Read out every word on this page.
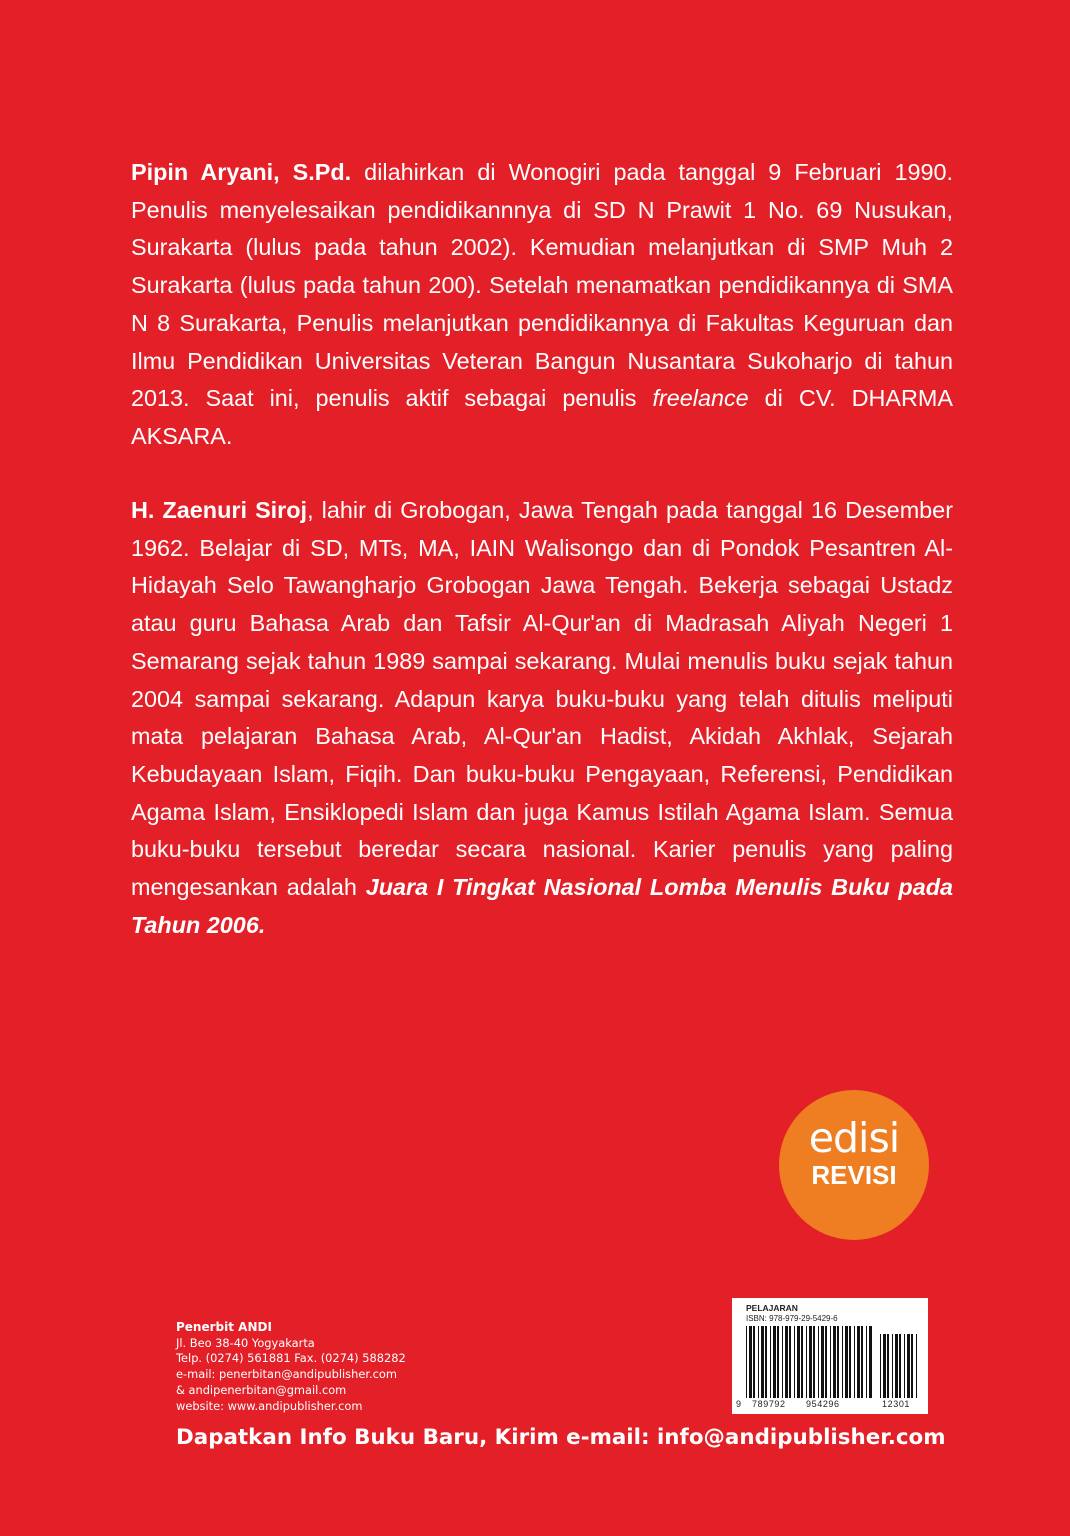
Pipin Aryani, S.Pd. dilahirkan di Wonogiri pada tanggal 9 Februari 1990. Penulis menyelesaikan pendidikannnya di SD N Prawit 1 No. 69 Nusukan, Surakarta (lulus pada tahun 2002). Kemudian melanjutkan di SMP Muh 2 Surakarta (lulus pada tahun 200). Setelah menamatkan pendidikannya di SMA N 8 Surakarta, Penulis melanjutkan pendidikannya di Fakultas Keguruan dan Ilmu Pendidikan Universitas Veteran Bangun Nusantara Sukoharjo di tahun 2013. Saat ini, penulis aktif sebagai penulis freelance di CV. DHARMA AKSARA.

H. Zaenuri Siroj, lahir di Grobogan, Jawa Tengah pada tanggal 16 Desember 1962. Belajar di SD, MTs, MA, IAIN Walisongo dan di Pondok Pesantren Al-Hidayah Selo Tawangharjo Grobogan Jawa Tengah. Bekerja sebagai Ustadz atau guru Bahasa Arab dan Tafsir Al-Qur'an di Madrasah Aliyah Negeri 1 Semarang sejak tahun 1989 sampai sekarang. Mulai menulis buku sejak tahun 2004 sampai sekarang. Adapun karya buku-buku yang telah ditulis meliputi mata pelajaran Bahasa Arab, Al-Qur'an Hadist, Akidah Akhlak, Sejarah Kebudayaan Islam, Fiqih. Dan buku-buku Pengayaan, Referensi, Pendidikan Agama Islam, Ensiklopedi Islam dan juga Kamus Istilah Agama Islam. Semua buku-buku tersebut beredar secara nasional. Karier penulis yang paling mengesankan adalah Juara I Tingkat Nasional Lomba Menulis Buku pada Tahun 2006.

edisi
REVISI
Penerbit ANDI
Jl. Beo 38-40 Yogyakarta
Telp. (0274) 561881 Fax. (0274) 588282
e-mail: penerbitan@andipublisher.com
& andipenerbitan@gmail.com
website: www.andipublisher.com
PELAJARAN
ISBN: 978-979-29-5429-6
9 789792 954296	12301
Dapatkan Info Buku Baru, Kirim e-mail: info@andipublisher.com
